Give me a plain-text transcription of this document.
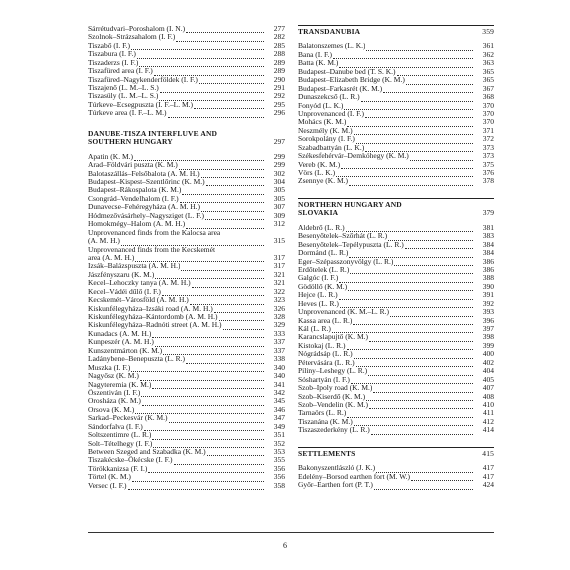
Sárrétudvari–Poroshalom (I. N.)	277
Szolnok–Strázsahalom (I. F.)	282
Tiszabő (I. F.)	285
Tiszabura (I. F.)	288
Tiszaderzs (I. F.)	289
Tiszafüred area (I. F.)	289
Tiszafüred–Nagykenderföldek (I. F.)	290
Tiszajenő (L. M.–L. S.)	291
Tiszasüly (L. M.–L. S.)	292
Túrkeve–Ecsegpuszta (I. F.–L. M.)	295
Túrkeve area (I. F.–L. M.)	296
DANUBE-TISZA INTERFLUVE AND
SOUTHERN HUNGARY	297
Apatin (K. M.)	299
Arad–Földvári puszta (K. M.)	299
Balotaszállás–Felsőbalota (A. M. H.)	302
Budapest–Kispest–Szentlőrinc (K. M.)	304
Budapest–Rákospalota (K. M.)	305
Csongrád–Vendelhalom (I. F.)	305
Dunavecse–Fehéregyháza (A. M. H.)	307
Hódmezővásárhely–Nagysziget (L. F.)	309
Homokmégy–Halom (A. M. H.)	312
Unprovenanced finds from the Kalocsa area
(A. M. H.)	315
Unprovenanced finds from the Kecskemét
area (A. M. H.)	317
Izsák–Balázspuszta (A. M. H.)	317
Jászfényszaru (K. M.)	321
Kecel–Lehoczky tanya (A. M. H.)	321
Kecel–Vádéi dűlő (I. F.)	322
Kecskemét–Városföld (A. M. H.)	323
Kiskunfélegyháza–Izsáki road (A. M. H.)	326
Kiskunfélegyháza–Kántordomb (A. M. H.)	328
Kiskunfélegyháza–Radnóti street (A. M. H.)	329
Kunadacs (A. M. H.)	333
Kunpeszér (A. M. H.)	337
Kunszentmárton (K. M.)	337
Ladánybene–Benepuszta (L. R.)	338
Muszka (I. F.)	340
Nagyősz (K. M.)	340
Nagyteremia (K. M.)	341
Öszentiván (I. F.)	342
Orosháza (K. M.)	345
Orsova (K. M.)	346
Sarkad–Peckesvár (K. M.)	347
Sándorfalva (I. F.)	349
Soltszentimre (L. R.)	351
Solt–Tételhegy (I. F.)	352
Between Szeged and Szabadka (K. M.)	353
Tiszakécske–Ökécske (I. F.)	355
Törökkanizsa (F. I.)	356
Törtel (K. M.)	356
Versec (I. F.)	358
TRANSDANUBIA	359
Balatonszemes (L. K.)	361
Bana (I. F.)	362
Batta (K. M.)	363
Budapest–Danube bed (T. S. K.)	365
Budapest–Elizabeth Bridge (K. M.)	365
Budapest–Farkasrét (K. M.)	367
Dunaszekcső (L. R.)	368
Fonyód (L. K.)	370
Unprovenanced (I. F.)	370
Mohács (K. M.)	370
Neszmély (K. M.)	371
Sorokpolány (I. F.)	372
Szabadbattyán (L. K.)	373
Székesfehérvár–Demkóhegy (K. M.)	373
Vereb (K. M.)	375
Vörs (L. K.)	376
Zsennye (K. M.)	378
NORTHERN HUNGARY AND
SLOVAKIA	379
Aldebrő (L. R.)	381
Besenyőtelek–Szőrhát (L. R.)	383
Besenyőtelek–Tepélypuszta (L. R.)	384
Dormánd (L. R.)	384
Eger–Szépasszonyvölgy (L. R.)	386
Erdőtelek (L. R.)	386
Galgóc (I. F.)	388
Gödöllő (K. M.)	390
Hejce (L. R.)	391
Heves (L. R.)	392
Unprovenanced (K. M.–L. R.)	393
Kassa area (L. R.)	396
Kál (L. R.)	397
Karancslapujtő (K. M.)	398
Kistokaj (L. R.)	399
Nógrádsáp (L. R.)	400
Pétervására (L. R.)	402
Piliny–Leshegy (L. R.)	404
Sóshartyán (I. F.)	405
Szob–Ipoly road (K. M.)	407
Szob–Kiserdő (K. M.)	408
Szob–Vendelin (K. M.)	410
Tarnaörs (L. R.)	411
Tiszanána (K. M.)	412
Tiszaszederkény (L. R.)	414
SETTLEMENTS	415
Bakonyszentlászló (J. K.)	417
Edelény–Borsod earthen fort (M. W.)	417
Győr–Earthen fort (P. T.)	424
6
